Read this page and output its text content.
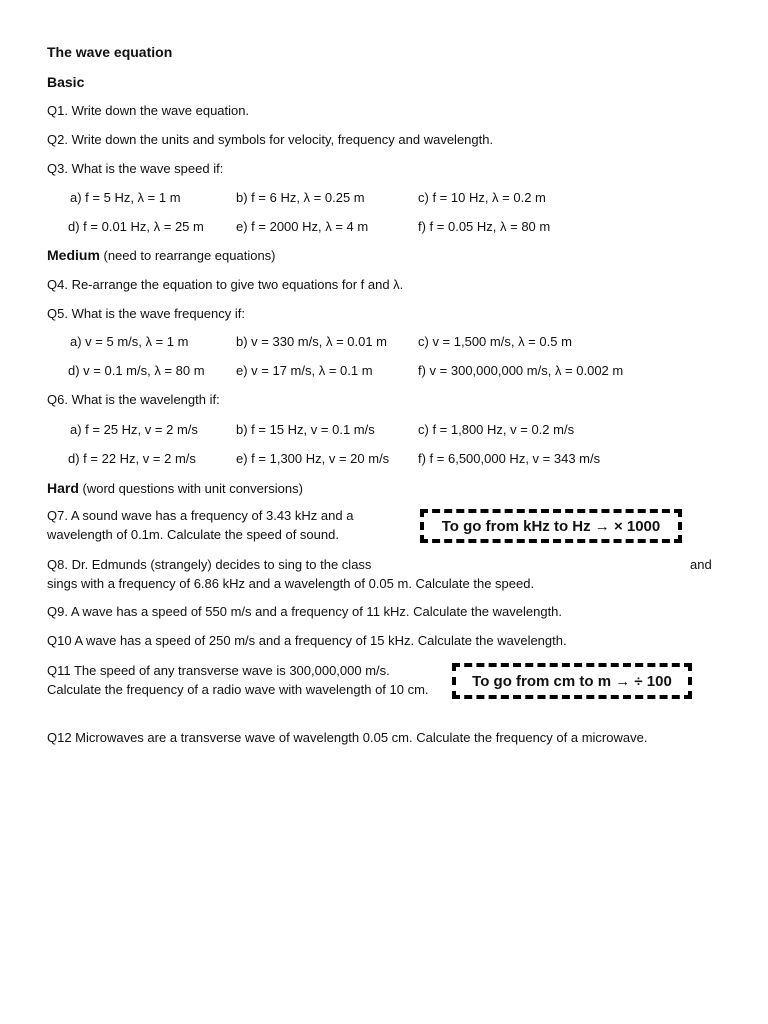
The wave equation
Basic
Q1. Write down the wave equation.
Q2. Write down the units and symbols for velocity, frequency and wavelength.
Q3. What is the wave speed if:
a) f = 5 Hz, λ = 1 m	b) f = 6 Hz, λ = 0.25 m	c) f = 10 Hz, λ = 0.2 m
d) f = 0.01 Hz, λ = 25 m e) f = 2000 Hz, λ = 4 m	f) f = 0.05 Hz, λ = 80 m
Medium (need to rearrange equations)
Q4. Re-arrange the equation to give two equations for f and λ.
Q5. What is the wave frequency if:
a) v = 5 m/s, λ = 1 m	b) v = 330 m/s, λ = 0.01 m c) v = 1,500 m/s, λ = 0.5 m
d) v = 0.1 m/s, λ = 80 m e) v = 17 m/s, λ = 0.1 m	f) v = 300,000,000 m/s, λ = 0.002 m
Q6. What is the wavelength if:
a) f = 25 Hz, v = 2 m/s	b) f = 15 Hz, v = 0.1 m/s	c) f = 1,800 Hz, v = 0.2 m/s
d) f = 22 Hz, v = 2 m/s	e) f = 1,300 Hz, v = 20 m/s f) f = 6,500,000 Hz, v = 343 m/s
Hard (word questions with unit conversions)
Q7. A sound wave has a frequency of 3.43 kHz and a wavelength of 0.1m. Calculate the speed of sound.	To go from kHz to Hz → × 1000
Q8. Dr. Edmunds (strangely) decides to sing to the class	and
sings with a frequency of 6.86 kHz and a wavelength of 0.05 m. Calculate the speed.
Q9. A wave has a speed of 550 m/s and a frequency of 11 kHz. Calculate the wavelength.
Q10 A wave has a speed of 250 m/s and a frequency of 15 kHz. Calculate the wavelength.
Q11 The speed of any transverse wave is 300,000,000 m/s. Calculate the frequency of a radio wave with wavelength of 10 cm.	To go from cm to m → ÷ 100
Q12 Microwaves are a transverse wave of wavelength 0.05 cm. Calculate the frequency of a microwave.
